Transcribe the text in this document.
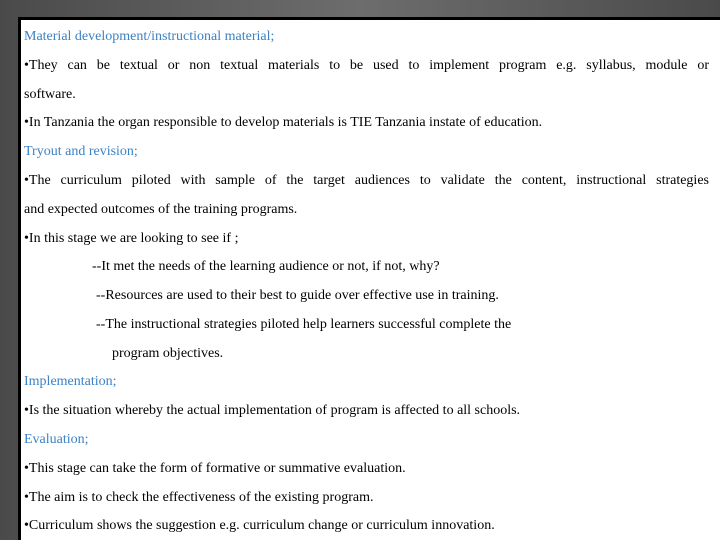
Material development/instructional material;
•They can be textual or non textual materials to be used to implement program e.g. syllabus, module or
software.
•In Tanzania the organ responsible to develop materials is TIE Tanzania instate of education.
Tryout and revision;
•The curriculum piloted with sample of the target audiences to validate the content, instructional strategies
and expected outcomes of the training programs.
•In this stage we are looking to see if ;
--It met the needs of the learning audience or not, if not, why?
--Resources are used to their best to guide over effective use in training.
--The instructional strategies piloted help learners successful complete the
program objectives.
Implementation;
•Is the situation whereby the actual implementation of program is affected to all schools.
Evaluation;
•This stage can take the form of formative or summative evaluation.
•The aim is to check the effectiveness of the existing program.
•Curriculum shows the suggestion e.g. curriculum change or curriculum innovation.
